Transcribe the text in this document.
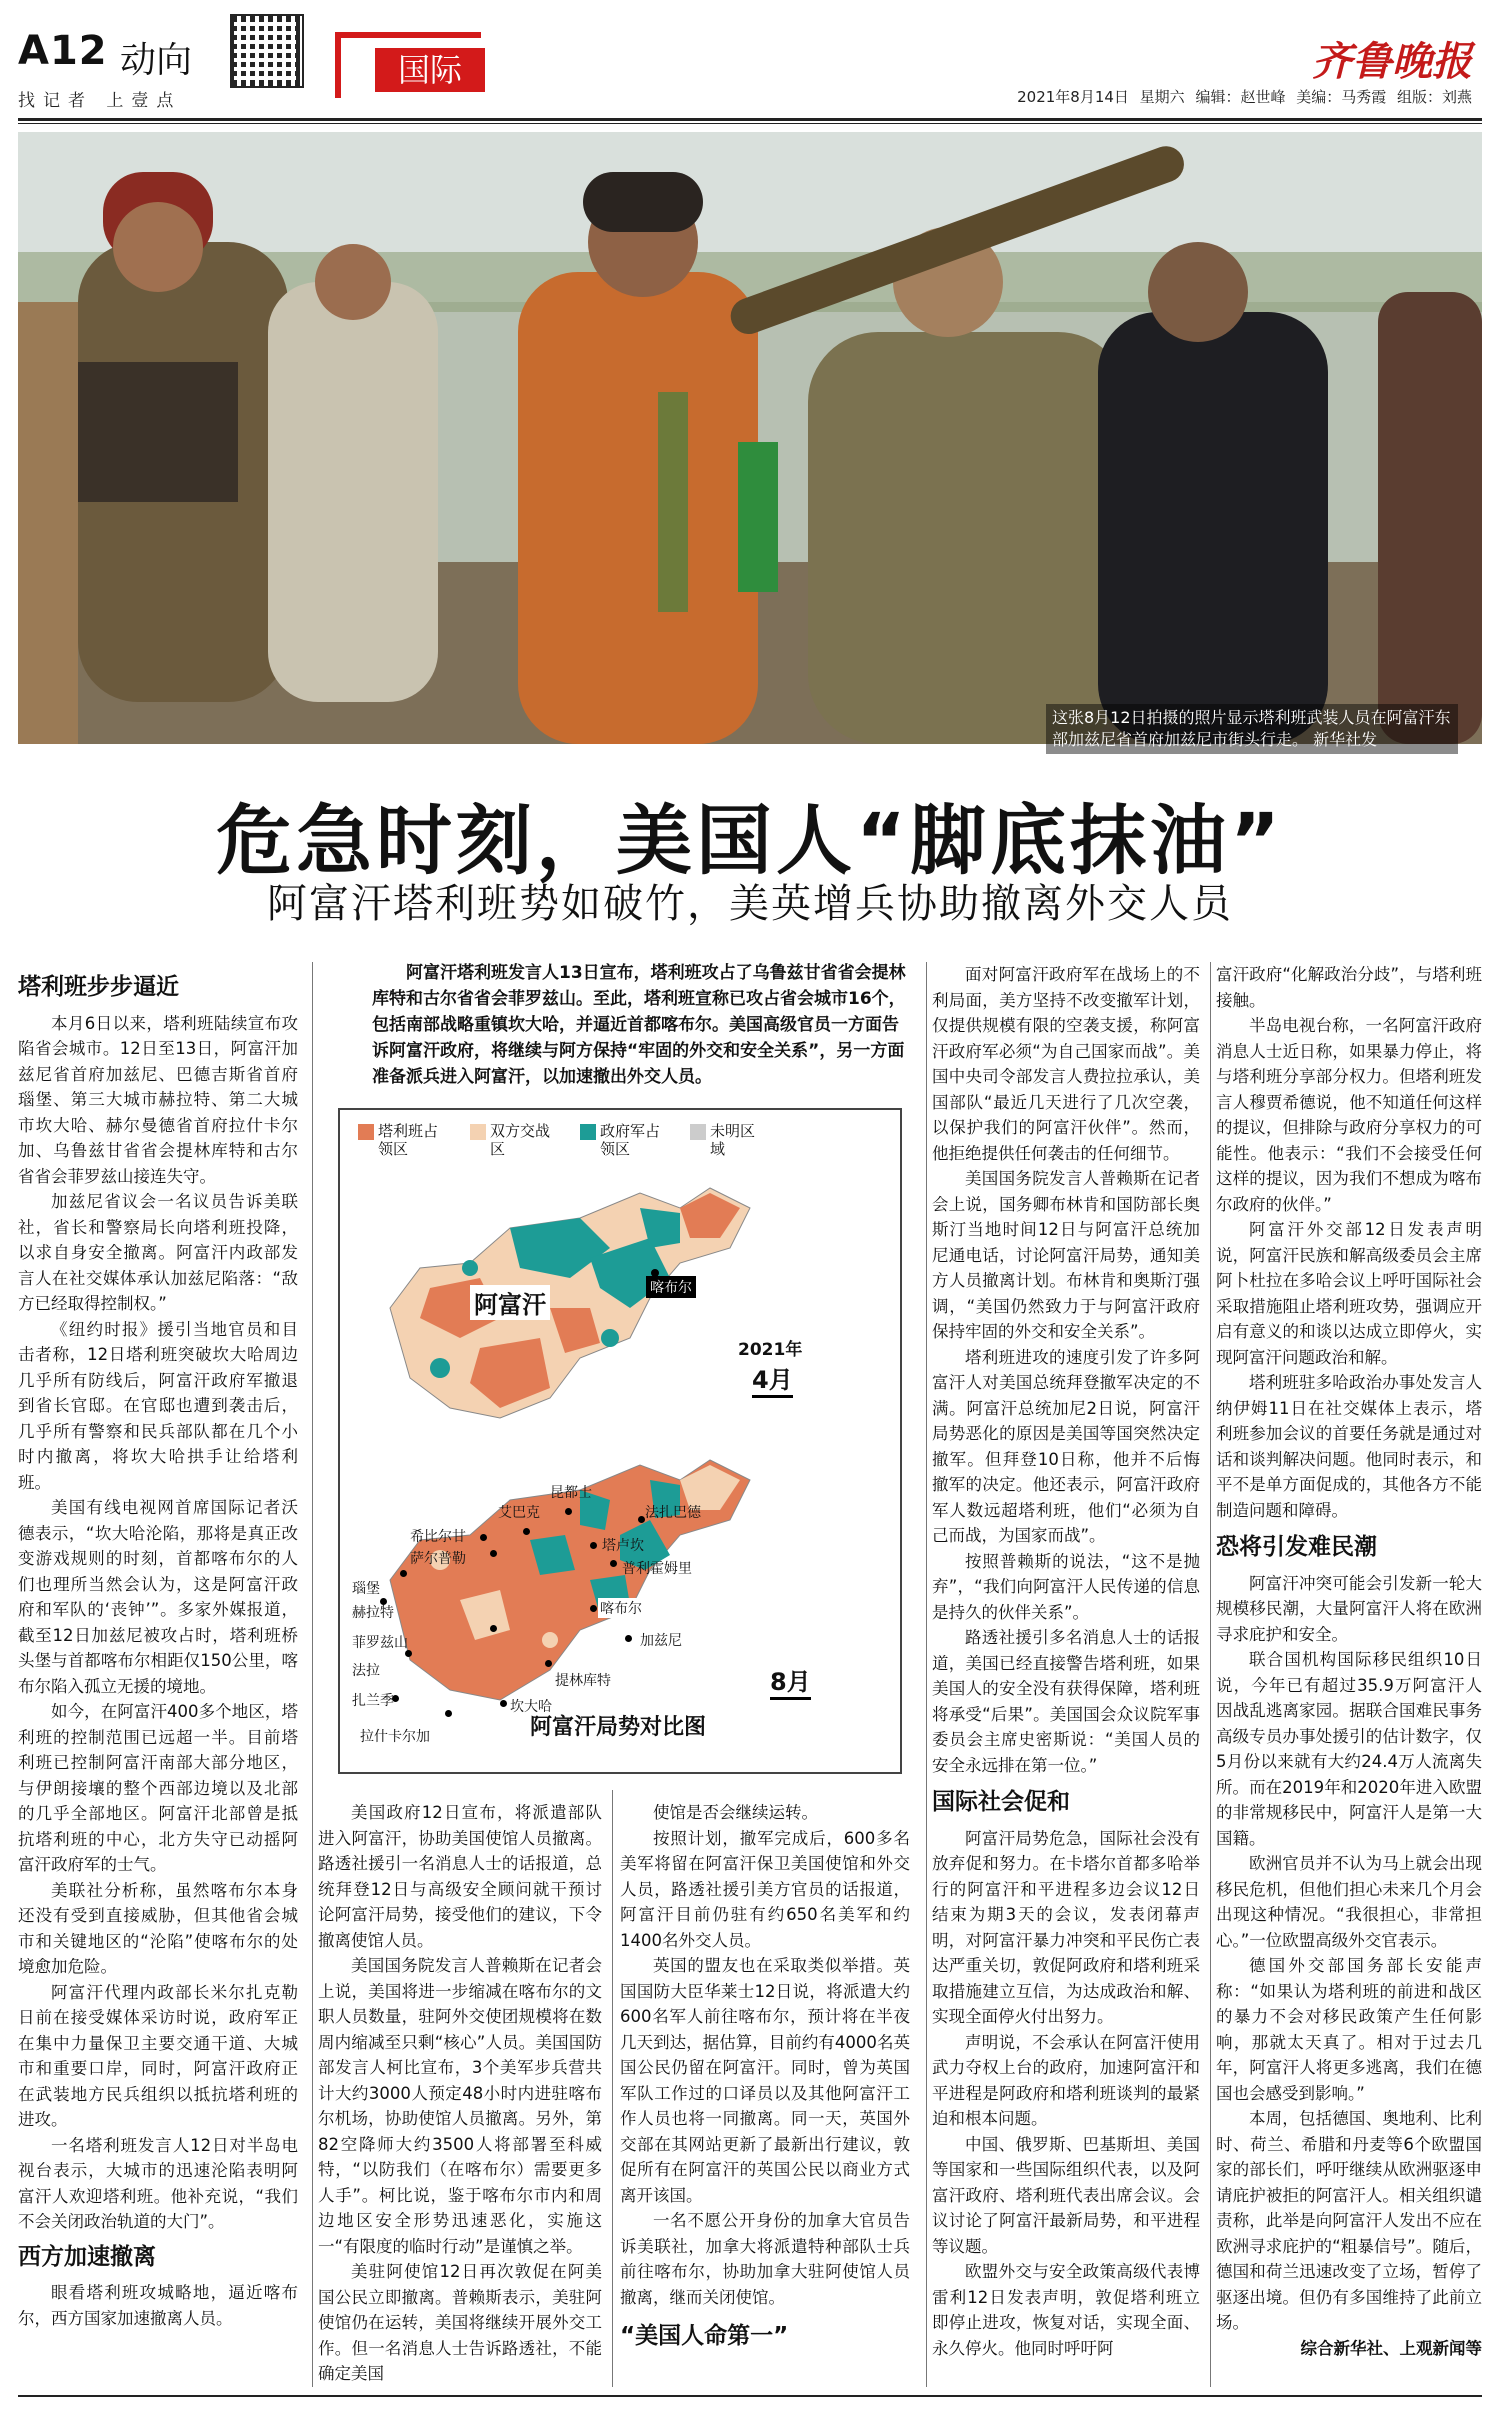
A12 动向
找记者 上壹点
国际	齐鲁晚报
2021年8月14日 星期六 编辑：赵世峰 美编：马秀霞 组版：刘燕
这张8月12日拍摄的照片显示塔利班武装人员在阿富汗东部加兹尼省首府加兹尼市街头行走。 新华社发
危急时刻，美国人“脚底抹油”
阿富汗塔利班势如破竹，美英增兵协助撤离外交人员

阿富汗塔利班发言人13日宣布，塔利班攻占了乌鲁兹甘省省会提林库特和古尔省省会菲罗兹山。至此，塔利班宣称已攻占省会城市16个，包括南部战略重镇坎大哈，并逼近首都喀布尔。美国高级官员一方面告诉阿富汗政府，将继续与阿方保持“牢固的外交和安全关系”，另一方面准备派兵进入阿富汗，以加速撤出外交人员。

塔利班步步逼近

本月6日以来，塔利班陆续宣布攻陷省会城市。12日至13日，阿富汗加兹尼省首府加兹尼、巴德吉斯省首府瑙堡、第三大城市赫拉特、第二大城市坎大哈、赫尔曼德省首府拉什卡尔加、乌鲁兹甘省省会提林库特和古尔省省会菲罗兹山接连失守。

加兹尼省议会一名议员告诉美联社，省长和警察局长向塔利班投降，以求自身安全撤离。阿富汗内政部发言人在社交媒体承认加兹尼陷落：“敌方已经取得控制权。”

《纽约时报》援引当地官员和目击者称，12日塔利班突破坎大哈周边几乎所有防线后，阿富汗政府军撤退到省长官邸。在官邸也遭到袭击后，几乎所有警察和民兵部队都在几个小时内撤离，将坎大哈拱手让给塔利班。

美国有线电视网首席国际记者沃德表示，“坎大哈沦陷，那将是真正改变游戏规则的时刻，首都喀布尔的人们也理所当然会认为，这是阿富汗政府和军队的‘丧钟’”。多家外媒报道，截至12日加兹尼被攻占时，塔利班桥头堡与首都喀布尔相距仅150公里，喀布尔陷入孤立无援的境地。

如今，在阿富汗400多个地区，塔利班的控制范围已远超一半。目前塔利班已控制阿富汗南部大部分地区，与伊朗接壤的整个西部边境以及北部的几乎全部地区。阿富汗北部曾是抵抗塔利班的中心，北方失守已动摇阿富汗政府军的士气。

美联社分析称，虽然喀布尔本身还没有受到直接威胁，但其他省会城市和关键地区的“沦陷”使喀布尔的处境愈加危险。

阿富汗代理内政部长米尔扎克勒日前在接受媒体采访时说，政府军正在集中力量保卫主要交通干道、大城市和重要口岸，同时，阿富汗政府正在武装地方民兵组织以抵抗塔利班的进攻。

一名塔利班发言人12日对半岛电视台表示，大城市的迅速沦陷表明阿富汗人欢迎塔利班。他补充说，“我们不会关闭政治轨道的大门”。

西方加速撤离

眼看塔利班攻城略地，逼近喀布尔，西方国家加速撤离人员。

塔利班占领区
双方交战区
政府军占领区
未明区域
喀布尔
阿富汗
2021年
4月
昆都士
艾巴克
塔卢坎
法扎巴德
希比尔甘
萨尔普勒
普利霍姆里
瑙堡
赫拉特	喀布尔
菲罗兹山	加兹尼
法拉
提林库特
扎兰季	坎大哈
拉什卡尔加
8月
阿富汗局势对比图

美国政府12日宣布，将派遣部队进入阿富汗，协助美国使馆人员撤离。路透社援引一名消息人士的话报道，总统拜登12日与高级安全顾问就干预讨论阿富汗局势，接受他们的建议，下令撤离使馆人员。

美国国务院发言人普赖斯在记者会上说，美国将进一步缩减在喀布尔的文职人员数量，驻阿外交使团规模将在数周内缩减至只剩“核心”人员。美国国防部发言人柯比宣布，3个美军步兵营共计大约3000人预定48小时内进驻喀布尔机场，协助使馆人员撤离。另外，第82空降师大约3500人将部署至科威特，“以防我们（在喀布尔）需要更多人手”。柯比说，鉴于喀布尔市内和周边地区安全形势迅速恶化，实施这一“有限度的临时行动”是谨慎之举。

美驻阿使馆12日再次敦促在阿美国公民立即撤离。普赖斯表示，美驻阿使馆仍在运转，美国将继续开展外交工作。但一名消息人士告诉路透社，不能确定美国

使馆是否会继续运转。

按照计划，撤军完成后，600多名美军将留在阿富汗保卫美国使馆和外交人员，路透社援引美方官员的话报道，阿富汗目前仍驻有约650名美军和约1400名外交人员。

英国的盟友也在采取类似举措。英国国防大臣华莱士12日说，将派遣大约600名军人前往喀布尔，预计将在半夜几天到达，据估算，目前约有4000名英国公民仍留在阿富汗。同时，曾为英国军队工作过的口译员以及其他阿富汗工作人员也将一同撤离。同一天，英国外交部在其网站更新了最新出行建议，敦促所有在阿富汗的英国公民以商业方式离开该国。

一名不愿公开身份的加拿大官员告诉美联社，加拿大将派遣特种部队士兵前往喀布尔，协助加拿大驻阿使馆人员撤离，继而关闭使馆。

“美国人命第一”

面对阿富汗政府军在战场上的不利局面，美方坚持不改变撤军计划，仅提供规模有限的空袭支援，称阿富汗政府军必须“为自己国家而战”。美国中央司令部发言人费拉拉承认，美国部队“最近几天进行了几次空袭，以保护我们的阿富汗伙伴”。然而，他拒绝提供任何袭击的任何细节。

美国国务院发言人普赖斯在记者会上说，国务卿布林肯和国防部长奥斯汀当地时间12日与阿富汗总统加尼通电话，讨论阿富汗局势，通知美方人员撤离计划。布林肯和奥斯汀强调，“美国仍然致力于与阿富汗政府保持牢固的外交和安全关系”。

塔利班进攻的速度引发了许多阿富汗人对美国总统拜登撤军决定的不满。阿富汗总统加尼2日说，阿富汗局势恶化的原因是美国等国突然决定撤军。但拜登10日称，他并不后悔撤军的决定。他还表示，阿富汗政府军人数远超塔利班，他们“必须为自己而战，为国家而战”。

按照普赖斯的说法，“这不是抛弃”，“我们向阿富汗人民传递的信息是持久的伙伴关系”。

路透社援引多名消息人士的话报道，美国已经直接警告塔利班，如果美国人的安全没有获得保障，塔利班将承受“后果”。美国国会众议院军事委员会主席史密斯说：“美国人员的安全永远排在第一位。”

国际社会促和

阿富汗局势危急，国际社会没有放弃促和努力。在卡塔尔首都多哈举行的阿富汗和平进程多边会议12日结束为期3天的会议，发表闭幕声明，对阿富汗暴力冲突和平民伤亡表达严重关切，敦促阿政府和塔利班采取措施建立互信，为达成政治和解、实现全面停火付出努力。

声明说，不会承认在阿富汗使用武力夺权上台的政府，加速阿富汗和平进程是阿政府和塔利班谈判的最紧迫和根本问题。

中国、俄罗斯、巴基斯坦、美国等国家和一些国际组织代表，以及阿富汗政府、塔利班代表出席会议。会议讨论了阿富汗最新局势，和平进程等议题。

欧盟外交与安全政策高级代表博雷利12日发表声明，敦促塔利班立即停止进攻，恢复对话，实现全面、永久停火。他同时呼吁阿

富汗政府“化解政治分歧”，与塔利班接触。

半岛电视台称，一名阿富汗政府消息人士近日称，如果暴力停止，将与塔利班分享部分权力。但塔利班发言人穆贾希德说，他不知道任何这样的提议，但排除与政府分享权力的可能性。他表示：“我们不会接受任何这样的提议，因为我们不想成为喀布尔政府的伙伴。”

阿富汗外交部12日发表声明说，阿富汗民族和解高级委员会主席阿卜杜拉在多哈会议上呼吁国际社会采取措施阻止塔利班攻势，强调应开启有意义的和谈以达成立即停火，实现阿富汗问题政治和解。

塔利班驻多哈政治办事处发言人纳伊姆11日在社交媒体上表示，塔利班参加会议的首要任务就是通过对话和谈判解决问题。他同时表示，和平不是单方面促成的，其他各方不能制造问题和障碍。

恐将引发难民潮

阿富汗冲突可能会引发新一轮大规模移民潮，大量阿富汗人将在欧洲寻求庇护和安全。

联合国机构国际移民组织10日说，今年已有超过35.9万阿富汗人因战乱逃离家园。据联合国难民事务高级专员办事处援引的估计数字，仅5月份以来就有大约24.4万人流离失所。而在2019年和2020年进入欧盟的非常规移民中，阿富汗人是第一大国籍。

欧洲官员并不认为马上就会出现移民危机，但他们担心未来几个月会出现这种情况。“我很担心，非常担心。”一位欧盟高级外交官表示。

德国外交部国务部长安能声称：“如果认为塔利班的前进和战区的暴力不会对移民政策产生任何影响，那就太天真了。相对于过去几年，阿富汗人将更多逃离，我们在德国也会感受到影响。”

本周，包括德国、奥地利、比利时、荷兰、希腊和丹麦等6个欧盟国家的部长们，呼吁继续从欧洲驱逐申请庇护被拒的阿富汗人。相关组织谴责称，此举是向阿富汗人发出不应在欧洲寻求庇护的“粗暴信号”。随后，德国和荷兰迅速改变了立场，暂停了驱逐出境。但仍有多国维持了此前立场。

综合新华社、上观新闻等
